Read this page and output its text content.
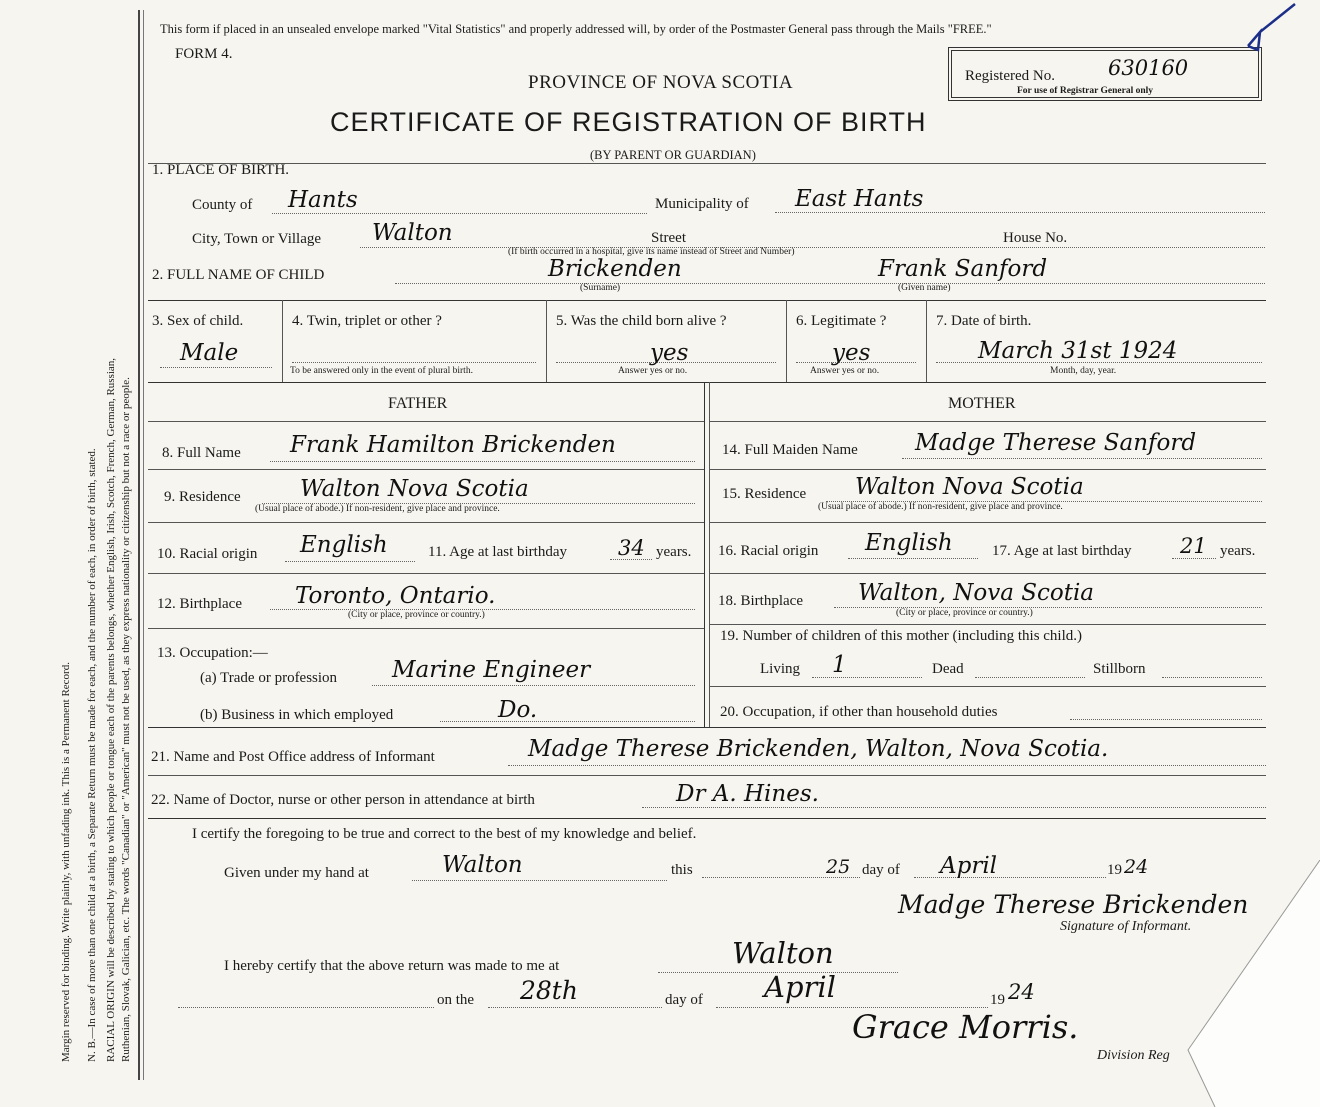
Margin reserved for binding. Write plainly, with unfading ink. This is a Permanent Record. N. B.—In case of more than one child at a birth, a Separate Return must be made for each, and the number of each, in order of birth, stated. RACIAL ORIGIN will be described by stating to which people or tongue each of the parents belongs, whether English, Irish, Scotch, French, German, Russian, Ruthenian, Slovak, Galician, etc. The words "Canadian" or "American" must not be used, as they express nationality or citizenship but not a race or people.
This form if placed in an unsealed envelope marked "Vital Statistics" and properly addressed will, by order of the Postmaster General pass through the Mails "FREE."
FORM 4.
PROVINCE OF NOVA SCOTIA
CERTIFICATE OF REGISTRATION OF BIRTH
(BY PARENT OR GUARDIAN)
Registered No.	630160
For use of Registrar General only
1. PLACE OF BIRTH.
County of Hants	Municipality of East Hants
City, Town or Village Walton	Street
(If birth occurred in a hospital, give its name instead of Street and Number)
House No.
2. FULL NAME OF CHILD	Brickenden
(Surname)
Frank Sanford
(Given name)
3. Sex of child.
Male
4. Twin, triplet or other ?
To be answered only in the event of plural birth.
5. Was the child born alive ?
yes
Answer yes or no.
6. Legitimate ?
yes
Answer yes or no.
7. Date of birth.
March 31st 1924
Month, day, year.
FATHER
8. Full Name Frank Hamilton Brickenden
9. Residence	Walton Nova Scotia
(Usual place of abode.) If non-resident, give place and province.
10. Racial origin English	11. Age at last birthday 34 years.
12. Birthplace Toronto, Ontario.
(City or place, province or country.)
13. Occupation:—
(a) Trade or profession Marine Engineer
(b) Business in which employed	Do.
MOTHER
14. Full Maiden Name Madge Therese Sanford
15. Residence Walton Nova Scotia
(Usual place of abode.) If non-resident, give place and province.
16. Racial origin English	17. Age at last birthday 21 years.
18. Birthplace Walton, Nova Scotia
(City or place, province or country.)
19. Number of children of this mother (including this child.)
Living 1	Dead	Stillborn
20. Occupation, if other than household duties
21. Name and Post Office address of Informant	Madge Therese Brickenden, Walton, Nova Scotia.
22. Name of Doctor, nurse or other person in attendance at birth	Dr A. Hines.
I certify the foregoing to be true and correct to the best of my knowledge and belief.
Given under my hand at	Walton	this	25 day of April	19 24
Madge Therese Brickenden
Signature of Informant.
I hereby certify that the above return was made to me at	Walton
on the 28th	day of April	19 24
Grace Morris.
Division Reg
